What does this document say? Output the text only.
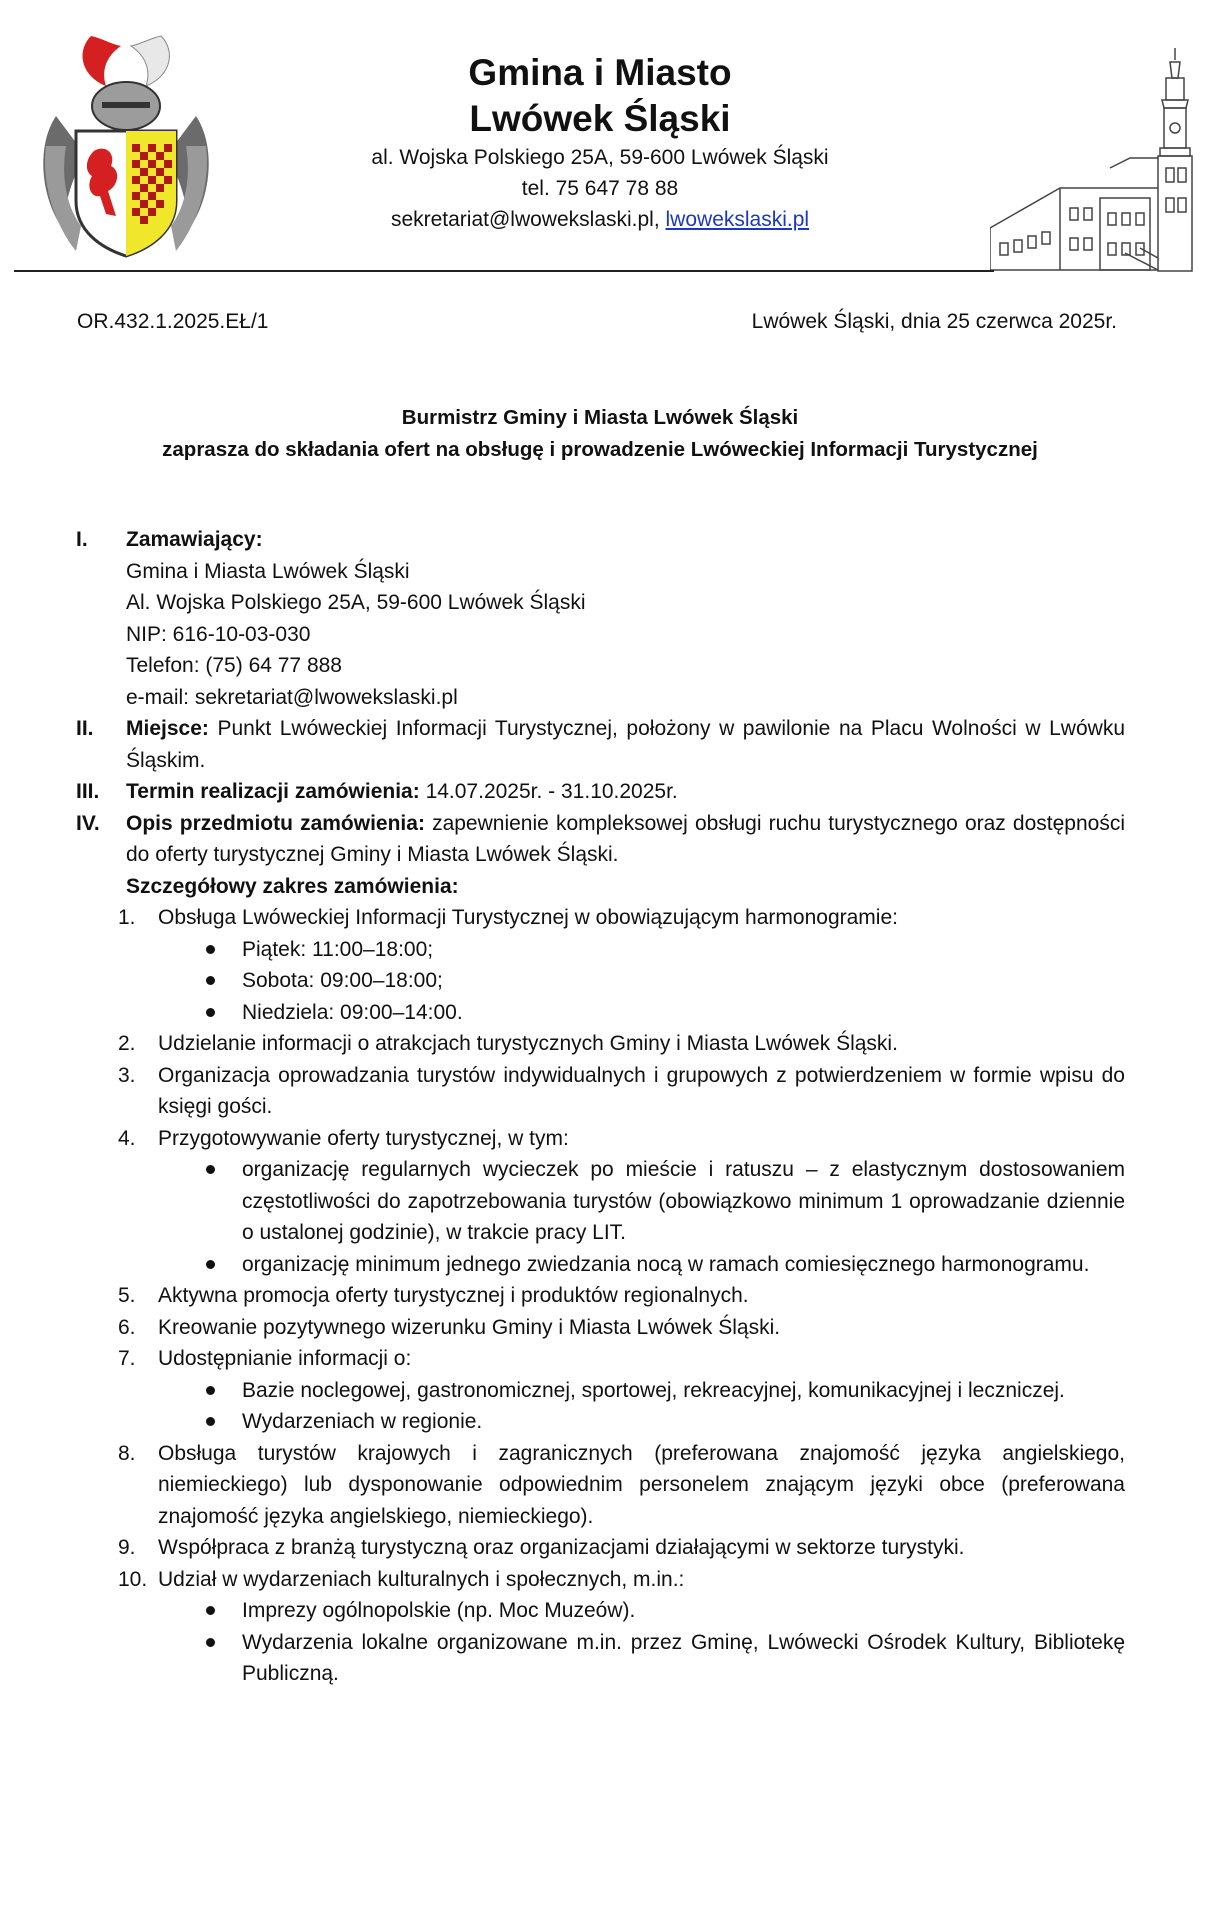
Gmina i Miasto
Lwówek Śląski
al. Wojska Polskiego 25A, 59-600 Lwówek Śląski
tel. 75 647 78 88
sekretariat@lwowekslaski.pl, lwowekslaski.pl
OR.432.1.2025.EŁ/1	Lwówek Śląski, dnia 25 czerwca 2025r.
Burmistrz Gminy i Miasta Lwówek Śląski
zaprasza do składania ofert na obsługę i prowadzenie Lwóweckiej Informacji Turystycznej
I. Zamawiający:
Gmina i Miasta Lwówek Śląski
Al. Wojska Polskiego 25A, 59-600 Lwówek Śląski
NIP: 616-10-03-030
Telefon: (75) 64 77 888
e-mail: sekretariat@lwowekslaski.pl
II. Miejsce: Punkt Lwóweckiej Informacji Turystycznej, położony w pawilonie na Placu Wolności w Lwówku Śląskim.
III. Termin realizacji zamówienia: 14.07.2025r. - 31.10.2025r.
IV. Opis przedmiotu zamówienia: zapewnienie kompleksowej obsługi ruchu turystycznego oraz dostępności do oferty turystycznej Gminy i Miasta Lwówek Śląski.
Szczegółowy zakres zamówienia:
1. Obsługa Lwóweckiej Informacji Turystycznej w obowiązującym harmonogramie:
Piątek: 11:00–18:00;
Sobota: 09:00–18:00;
Niedziela: 09:00–14:00.
2. Udzielanie informacji o atrakcjach turystycznych Gminy i Miasta Lwówek Śląski.
3. Organizacja oprowadzania turystów indywidualnych i grupowych z potwierdzeniem w formie wpisu do księgi gości.
4. Przygotowywanie oferty turystycznej, w tym:
organizację regularnych wycieczek po mieście i ratuszu – z elastycznym dostosowaniem częstotliwości do zapotrzebowania turystów (obowiązkowo minimum 1 oprowadzanie dziennie o ustalonej godzinie), w trakcie pracy LIT.
organizację minimum jednego zwiedzania nocą w ramach comiesięcznego harmonogramu.
5. Aktywna promocja oferty turystycznej i produktów regionalnych.
6. Kreowanie pozytywnego wizerunku Gminy i Miasta Lwówek Śląski.
7. Udostępnianie informacji o:
Bazie noclegowej, gastronomicznej, sportowej, rekreacyjnej, komunikacyjnej i leczniczej.
Wydarzeniach w regionie.
8. Obsługa turystów krajowych i zagranicznych (preferowana znajomość języka angielskiego, niemieckiego) lub dysponowanie odpowiednim personelem znającym języki obce (preferowana znajomość języka angielskiego, niemieckiego).
9. Współpraca z branżą turystyczną oraz organizacjami działającymi w sektorze turystyki.
10. Udział w wydarzeniach kulturalnych i społecznych, m.in.:
Imprezy ogólnopolskie (np. Moc Muzeów).
Wydarzenia lokalne organizowane m.in. przez Gminę, Lwówecki Ośrodek Kultury, Bibliotekę Publiczną.
